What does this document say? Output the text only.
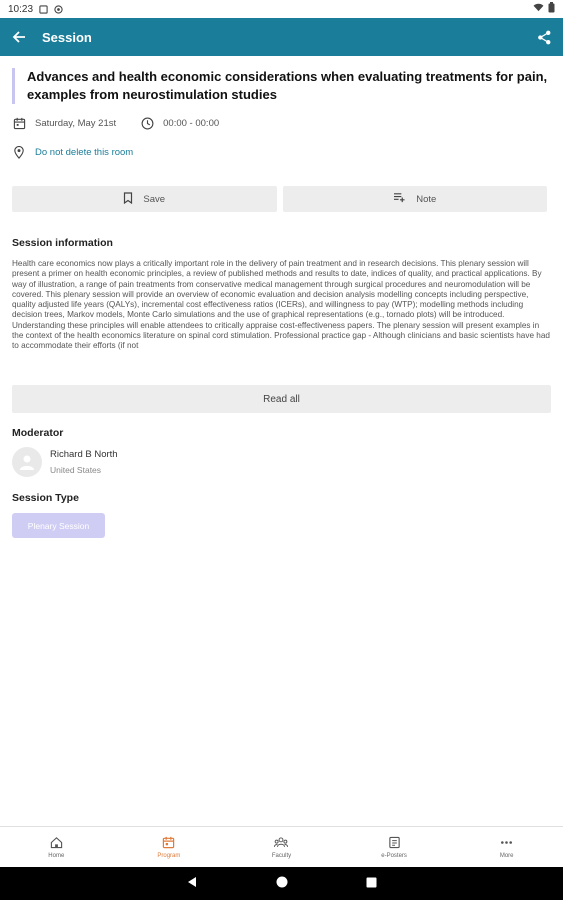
10:23
Session
Advances and health economic considerations when evaluating treatments for pain, examples from neurostimulation studies
Saturday, May 21st	00:00 - 00:00
Do not delete this room
Save	Note
Session information
Health care economics now plays a critically important role in the delivery of pain treatment and in research decisions. This plenary session will present a primer on health economic principles, a review of published methods and results to date, indices of quality, and practical applications. By way of illustration, a range of pain treatments from conservative medical management through surgical procedures and neuromodulation will be covered. This plenary session will provide an overview of economic evaluation and decision analysis modelling concepts including perspective, quality adjusted life years (QALYs), incremental cost effectiveness ratios (ICERs), and willingness to pay (WTP); modelling methods including decision trees, Markov models, Monte Carlo simulations and the use of graphical representations (e.g., tornado plots) will be introduced. Understanding these principles will enable attendees to critically appraise cost-effectiveness papers. The plenary session will present examples in the context of the health economics literature on spinal cord stimulation. Professional practice gap - Although clinicians and basic scientists have had to accommodate their efforts (if not
Read all
Moderator
Richard B North
United States
Session Type
Plenary Session
Home	Program	Faculty	e-Posters	More
